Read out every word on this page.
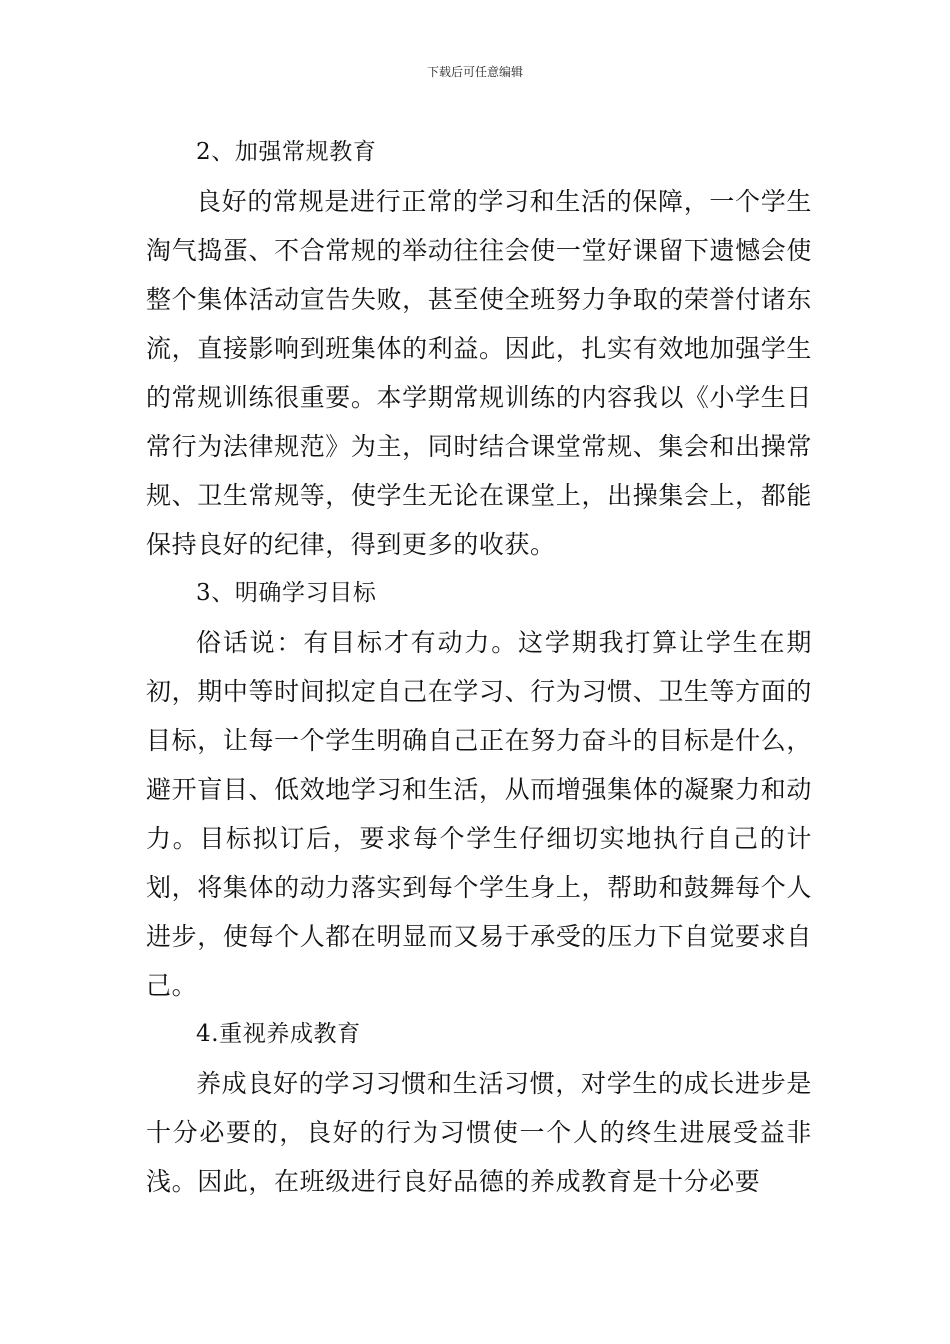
下载后可任意编辑

2、加强常规教育

良好的常规是进行正常的学习和生活的保障，一个学生淘气捣蛋、不合常规的举动往往会使一堂好课留下遗憾会使整个集体活动宣告失败，甚至使全班努力争取的荣誉付诸东流，直接影响到班集体的利益。因此，扎实有效地加强学生的常规训练很重要。本学期常规训练的内容我以《小学生日常行为法律规范》为主，同时结合课堂常规、集会和出操常规、卫生常规等，使学生无论在课堂上，出操集会上，都能保持良好的纪律，得到更多的收获。

3、明确学习目标

俗话说：有目标才有动力。这学期我打算让学生在期初，期中等时间拟定自己在学习、行为习惯、卫生等方面的目标，让每一个学生明确自己正在努力奋斗的目标是什么，避开盲目、低效地学习和生活，从而增强集体的凝聚力和动力。目标拟订后，要求每个学生仔细切实地执行自己的计划，将集体的动力落实到每个学生身上，帮助和鼓舞每个人进步，使每个人都在明显而又易于承受的压力下自觉要求自己。

4.重视养成教育

养成良好的学习习惯和生活习惯，对学生的成长进步是十分必要的，良好的行为习惯使一个人的终生进展受益非浅。因此，在班级进行良好品德的养成教育是十分必要
